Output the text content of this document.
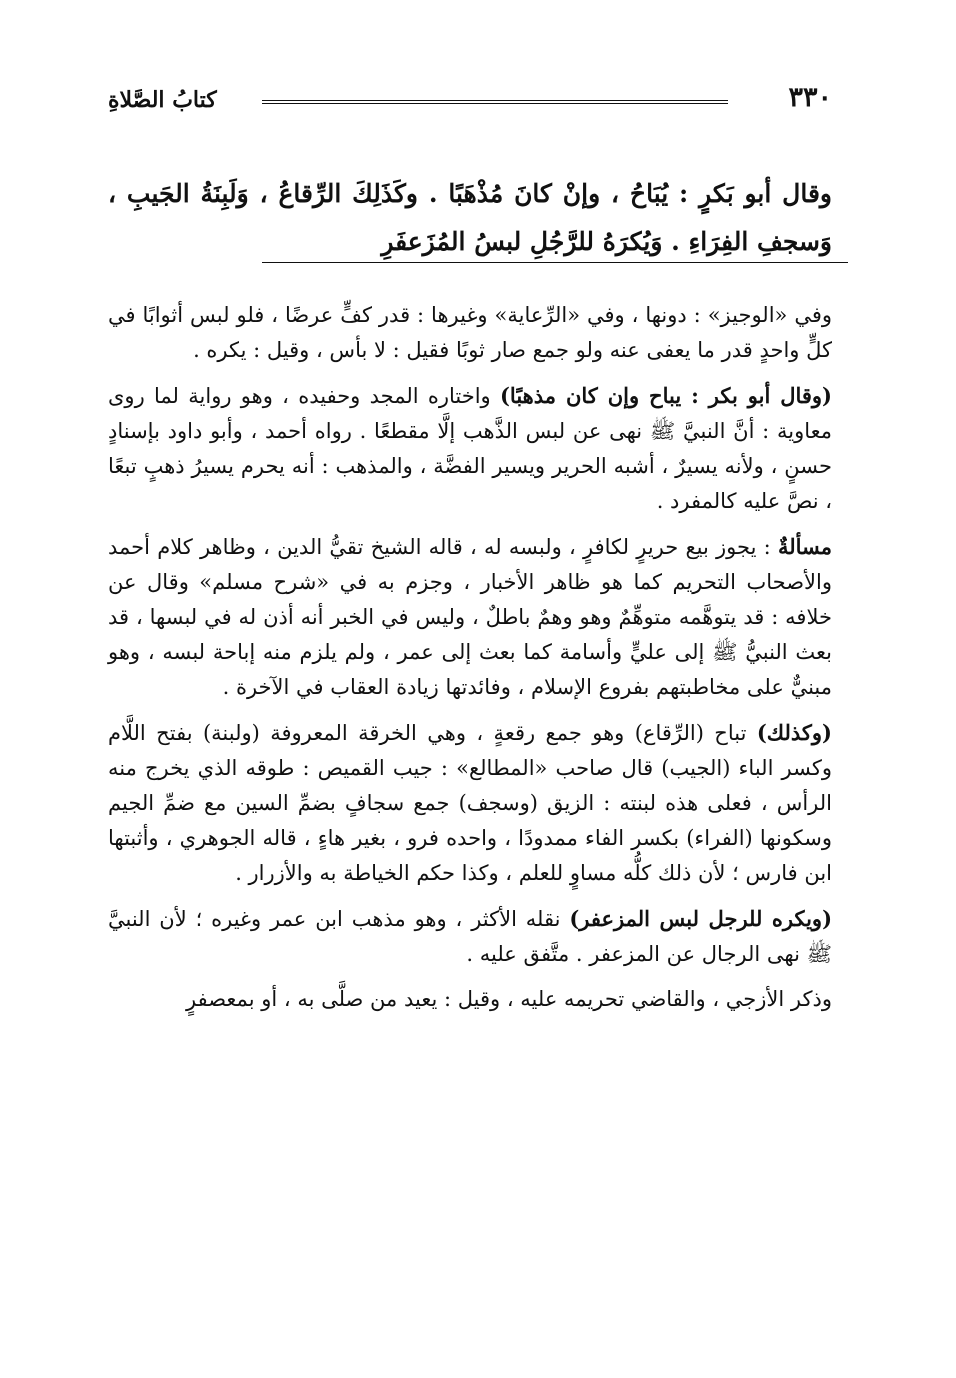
٣٣٠
كتابُ الصَّلاةِ
وقال أبو بَكرٍ : يُبَاحُ ، وإنْ كانَ مُذْهَبًا . وكَذَلِكَ الرِّقاعُ ، وَلَبِنَةُ الجَيبِ ، وَسجفِ الفِرَاءِ . وَيُكرَهُ للرَّجُلِ لبسُ المُزَعفَرِ

وفي «الوجيز» : دونها ، وفي «الرِّعاية» وغيرها : قدر كفٍّ عرضًا ، فلو لبس أثوابًا في كلٍّ واحدٍ قدر ما يعفى عنه ولو جمع صار ثوبًا فقيل : لا بأس ، وقيل : يكره .

(وقال أبو بكر : يباح وإن كان مذهبًا) واختاره المجد وحفيده ، وهو رواية لما روى معاوية : أنَّ النبيَّ ﷺ نهى عن لبس الذَّهب إلَّا مقطعًا . رواه أحمد ، وأبو داود بإسنادٍ حسنٍ ، ولأنه يسيرٌ ، أشبه الحرير ويسير الفضَّة ، والمذهب : أنه يحرم يسيرُ ذهبٍ تبعًا ، نصَّ عليه كالمفرد .

مسألةٌ : يجوز بيع حريرٍ لكافرٍ ، ولبسه له ، قاله الشيخ تقيُّ الدين ، وظاهر كلام أحمد والأصحاب التحريم كما هو ظاهر الأخبار ، وجزم به في «شرح مسلم» وقال عن خلافه : قد يتوهَّمه متوهِّمٌ وهو وهمٌ باطلٌ ، وليس في الخبر أنه أذن له في لبسها ، قد بعث النبيُّ ﷺ إلى عليٍّ وأسامة كما بعث إلى عمر ، ولم يلزم منه إباحة لبسه ، وهو مبنيٌّ على مخاطبتهم بفروع الإسلام ، وفائدتها زيادة العقاب في الآخرة .

(وكذلك) تباح (الرِّقاع) وهو جمع رقعةٍ ، وهي الخرقة المعروفة (ولبنة) بفتح اللَّام وكسر الباء (الجيب) قال صاحب «المطالع» : جيب القميص : طوقه الذي يخرج منه الرأس ، فعلى هذه لبنته : الزيق (وسجف) جمع سجافٍ بضمِّ السين مع ضمِّ الجيم وسكونها (الفراء) بكسر الفاء ممدودًا ، واحده فرو ، بغير هاءٍ ، قاله الجوهري ، وأثبتها ابن فارس ؛ لأن ذلك كلُّه مساوٍ للعلم ، وكذا حكم الخياطة به والأزرار .

(ويكره للرجل لبس المزعفر) نقله الأكثر ، وهو مذهب ابن عمر وغيره ؛ لأن النبيَّ ﷺ نهى الرجال عن المزعفر . متَّفق عليه .

وذكر الأزجي ، والقاضي تحريمه عليه ، وقيل : يعيد من صلَّى به ، أو بمعصفرٍ
